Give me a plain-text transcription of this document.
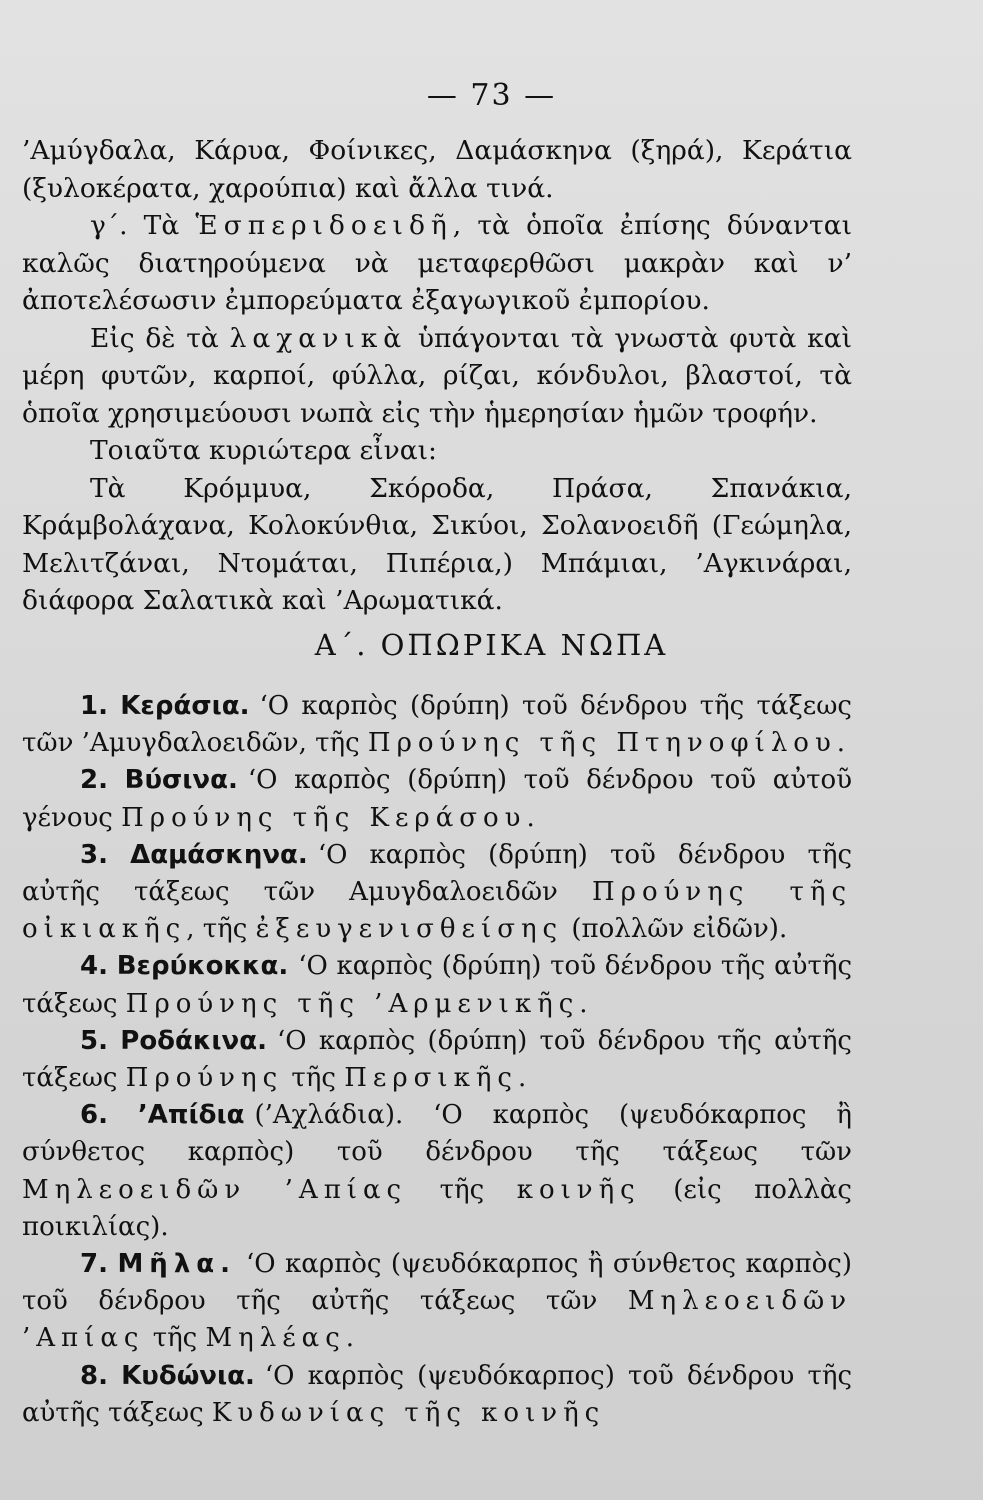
— 73 —

’Αμύγδαλα, Κάρυα, Φοίνικες, Δαμάσκηνα (ξηρά), Κεράτια (ξυλοκέρατα, χαρούπια) καὶ ἄλλα τινά.

γ΄. Τὰ Ἑσπεριδοειδῆ, τὰ ὁποῖα ἐπίσης δύνανται καλῶς διατηρούμενα νὰ μεταφερθῶσι μακρὰν καὶ ν’ ἀποτελέσωσιν ἐμπορεύματα ἐξαγωγικοῦ ἐμπορίου.

Εἰς δὲ τὰ λαχανικὰ ὑπάγονται τὰ γνωστὰ φυτὰ καὶ μέρη φυτῶν, καρποί, φύλλα, ρίζαι, κόνδυλοι, βλαστοί, τὰ ὁποῖα χρησιμεύουσι νωπὰ εἰς τὴν ἡμερησίαν ἡμῶν τροφήν.

Τοιαῦτα κυριώτερα εἶναι:

Τὰ Κρόμμυα, Σκόροδα, Πράσα, Σπανάκια, Κράμβολάχανα, Κολοκύνθια, Σικύοι, Σολανοειδῆ (Γεώμηλα, Μελιτζάναι, Ντομάται, Πιπέρια,) Μπάμιαι, ’Αγκινάραι, διάφορα Σαλατικὰ καὶ ’Αρωματικά.

Α΄. ΟΠΩΡΙΚΑ ΝΩΠΑ

1. Κεράσια. ‘Ο καρπὸς (δρύπη) τοῦ δένδρου τῆς τάξεως τῶν ’Αμυγδαλοειδῶν, τῆς Προύνης τῆς Πτηνοφίλου.

2. Βύσινα. ‘Ο καρπὸς (δρύπη) τοῦ δένδρου τοῦ αὐτοῦ γένους Προύνης τῆς Κεράσου.

3. Δαμάσκηνα. ‘Ο καρπὸς (δρύπη) τοῦ δένδρου τῆς αὐτῆς τάξεως τῶν Αμυγδαλοειδῶν Προύνης τῆς οἰκιακῆς, τῆς ἐξευγενισθείσης (πολλῶν εἰδῶν).

4. Βερύκοκκα. ‘Ο καρπὸς (δρύπη) τοῦ δένδρου τῆς αὐτῆς τάξεως Προύνης τῆς ’Αρμενικῆς.

5. Ροδάκινα. ‘Ο καρπὸς (δρύπη) τοῦ δένδρου τῆς αὐτῆς τάξεως Προύνης τῆς Περσικῆς.

6. ’Απίδια (’Αχλάδια). ‘Ο καρπὸς (ψευδόκαρπος ἢ σύνθετος καρπὸς) τοῦ δένδρου τῆς τάξεως τῶν Μηλεοειδῶν ’Απίας τῆς κοινῆς (εἰς πολλὰς ποικιλίας).

7. Μῆλα. ‘Ο καρπὸς (ψευδόκαρπος ἢ σύνθετος καρπὸς) τοῦ δένδρου τῆς αὐτῆς τάξεως τῶν Μηλεοειδῶν ’Απίας τῆς Μηλέας.

8. Κυδώνια. ‘Ο καρπὸς (ψευδόκαρπος) τοῦ δένδρου τῆς αὐτῆς τάξεως Κυδωνίας τῆς κοινῆς
